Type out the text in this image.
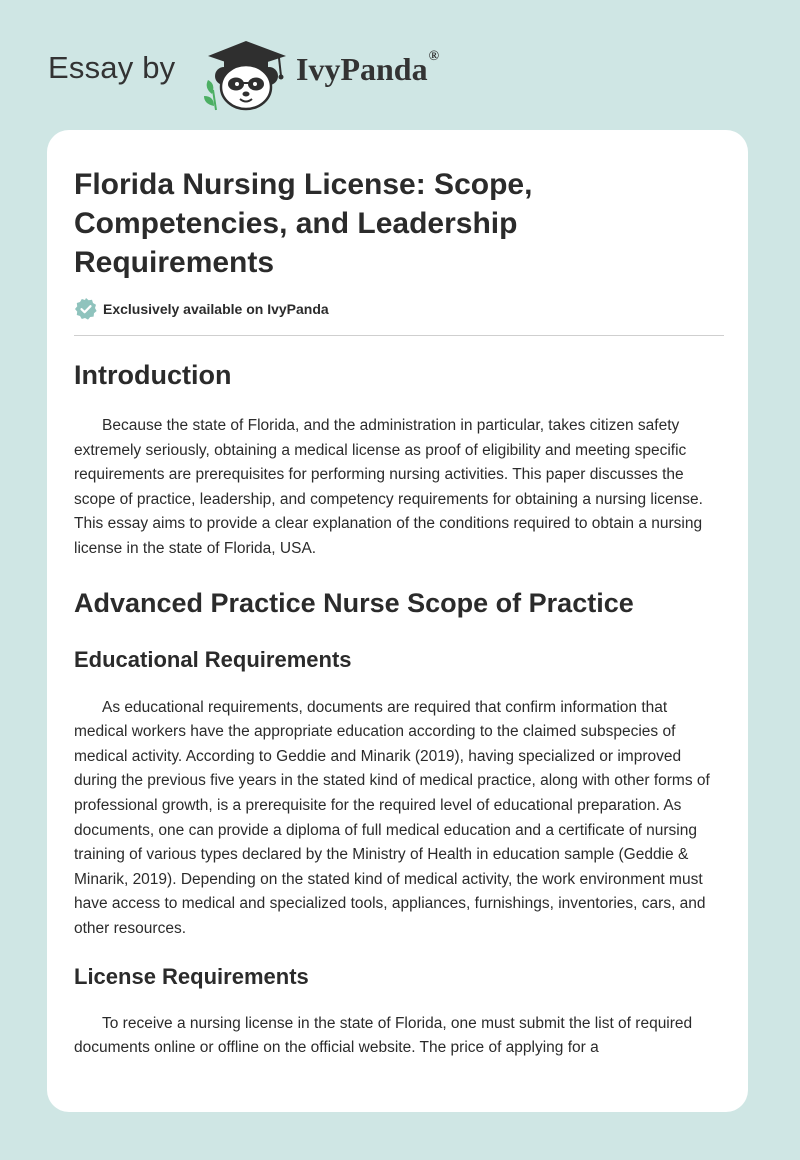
Essay by	IvyPanda®
Florida Nursing License: Scope, Competencies, and Leadership Requirements
Exclusively available on IvyPanda
Introduction

Because the state of Florida, and the administration in particular, takes citizen safety extremely seriously, obtaining a medical license as proof of eligibility and meeting specific requirements are prerequisites for performing nursing activities. This paper discusses the scope of practice, leadership, and competency requirements for obtaining a nursing license. This essay aims to provide a clear explanation of the conditions required to obtain a nursing license in the state of Florida, USA.

Advanced Practice Nurse Scope of Practice
Educational Requirements

As educational requirements, documents are required that confirm information that medical workers have the appropriate education according to the claimed subspecies of medical activity. According to Geddie and Minarik (2019), having specialized or improved during the previous five years in the stated kind of medical practice, along with other forms of professional growth, is a prerequisite for the required level of educational preparation. As documents, one can provide a diploma of full medical education and a certificate of nursing training of various types declared by the Ministry of Health in education sample (Geddie & Minarik, 2019). Depending on the stated kind of medical activity, the work environment must have access to medical and specialized tools, appliances, furnishings, inventories, cars, and other resources.

License Requirements

To receive a nursing license in the state of Florida, one must submit the list of required documents online or offline on the official website. The price of applying for a
